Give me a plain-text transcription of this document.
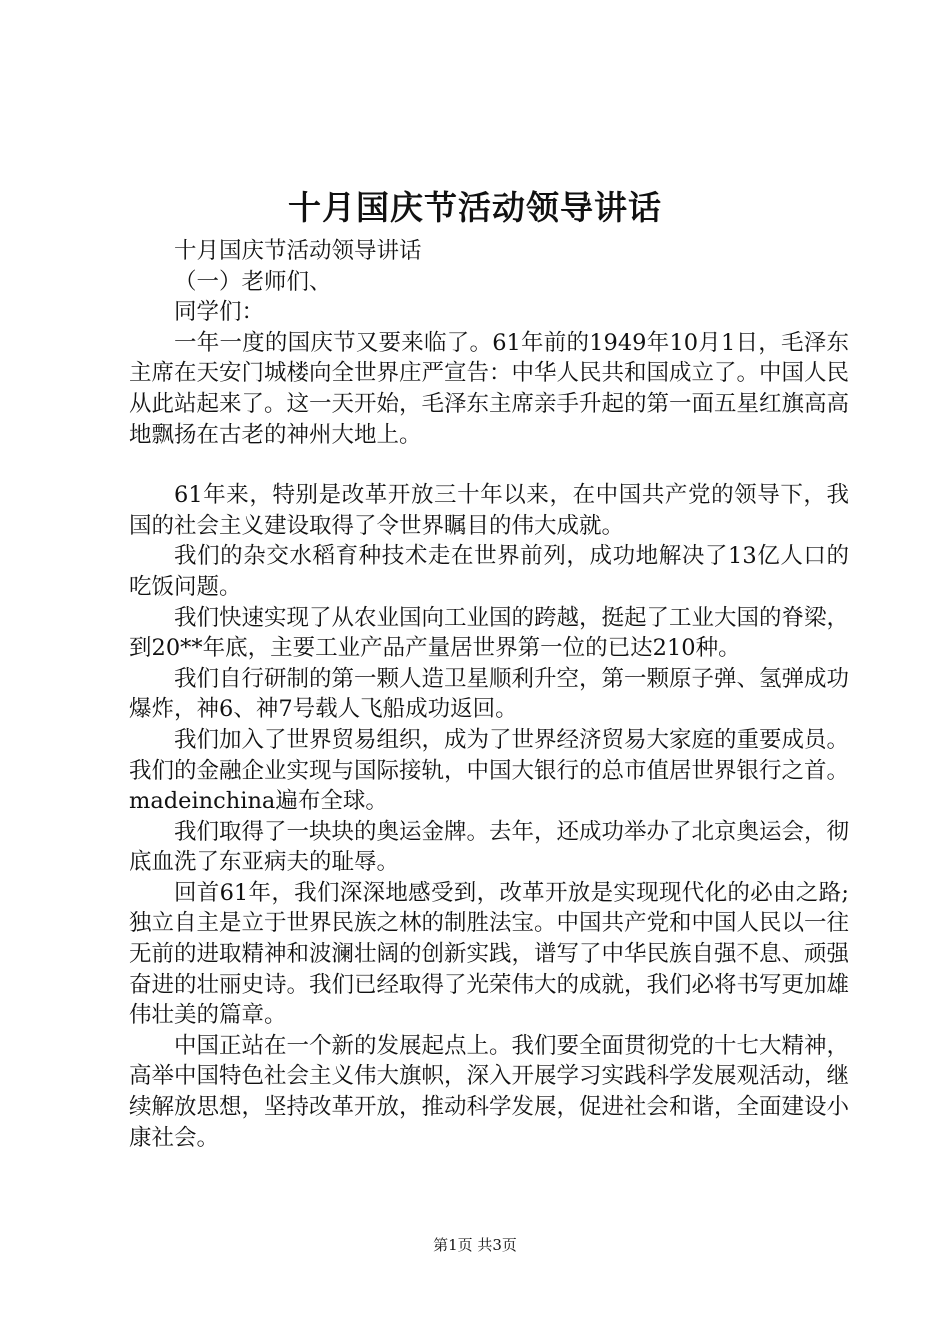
十月国庆节活动领导讲话

十月国庆节活动领导讲话

（一）老师们、

同学们：

一年一度的国庆节又要来临了。61年前的1949年10月1日，毛泽东主席在天安门城楼向全世界庄严宣告：中华人民共和国成立了。中国人民从此站起来了。这一天开始，毛泽东主席亲手升起的第一面五星红旗高高地飘扬在古老的神州大地上。

61年来，特别是改革开放三十年以来，在中国共产党的领导下，我国的社会主义建设取得了令世界瞩目的伟大成就。

我们的杂交水稻育种技术走在世界前列，成功地解决了13亿人口的吃饭问题。

我们快速实现了从农业国向工业国的跨越，挺起了工业大国的脊梁，到20**年底，主要工业产品产量居世界第一位的已达210种。

我们自行研制的第一颗人造卫星顺利升空，第一颗原子弹、氢弹成功爆炸，神6、神7号载人飞船成功返回。

我们加入了世界贸易组织，成为了世界经济贸易大家庭的重要成员。我们的金融企业实现与国际接轨，中国大银行的总市值居世界银行之首。madeinchina遍布全球。

我们取得了一块块的奥运金牌。去年，还成功举办了北京奥运会，彻底血洗了东亚病夫的耻辱。

回首61年，我们深深地感受到，改革开放是实现现代化的必由之路;独立自主是立于世界民族之林的制胜法宝。中国共产党和中国人民以一往无前的进取精神和波澜壮阔的创新实践，谱写了中华民族自强不息、顽强奋进的壮丽史诗。我们已经取得了光荣伟大的成就，我们必将书写更加雄伟壮美的篇章。

中国正站在一个新的发展起点上。我们要全面贯彻党的十七大精神，高举中国特色社会主义伟大旗帜，深入开展学习实践科学发展观活动，继续解放思想，坚持改革开放，推动科学发展，促进社会和谐，全面建设小康社会。

第1页 共3页
